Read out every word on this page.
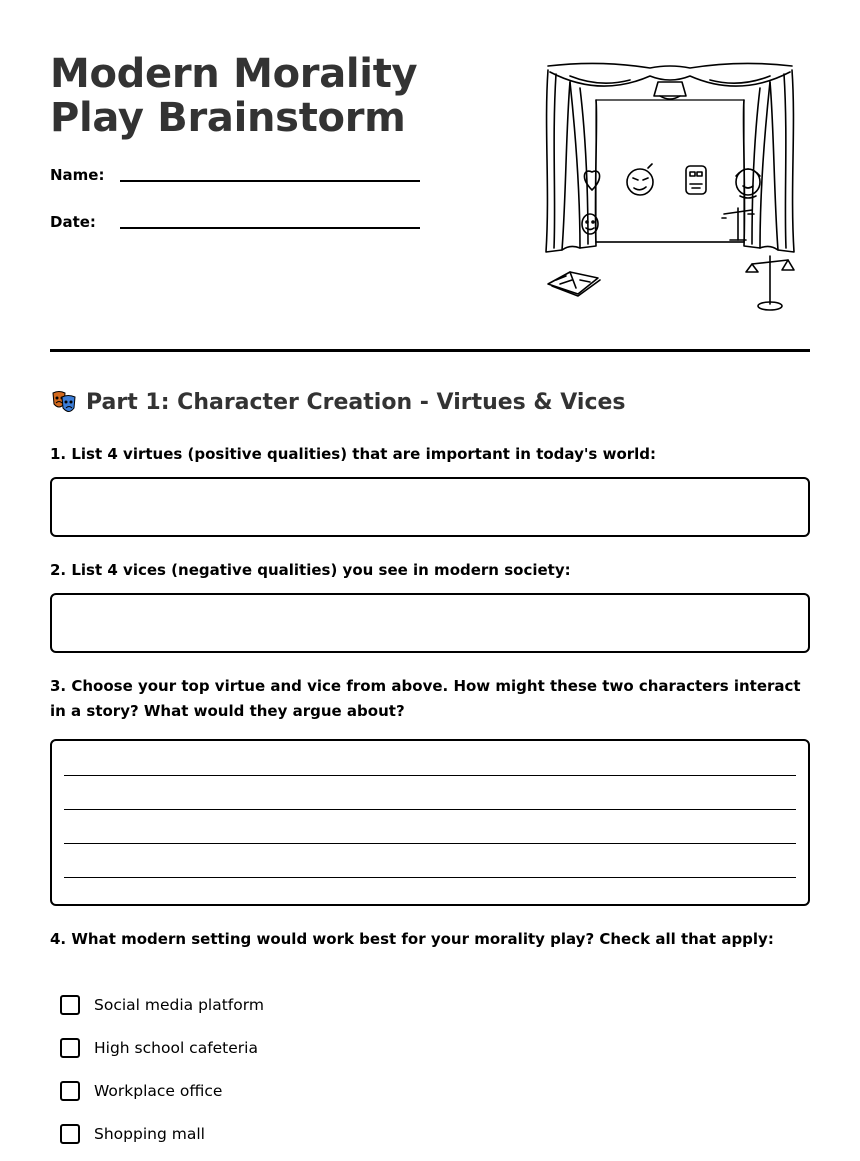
Modern Morality Play Brainstorm
Name:
Date:
Part 1: Character Creation - Virtues & Vices
1. List 4 virtues (positive qualities) that are important in today's world:
2. List 4 vices (negative qualities) you see in modern society:
3. Choose your top virtue and vice from above. How might these two characters interact in a story? What would they argue about?
4. What modern setting would work best for your morality play? Check all that apply:
Social media platform
High school cafeteria
Workplace office
Shopping mall
